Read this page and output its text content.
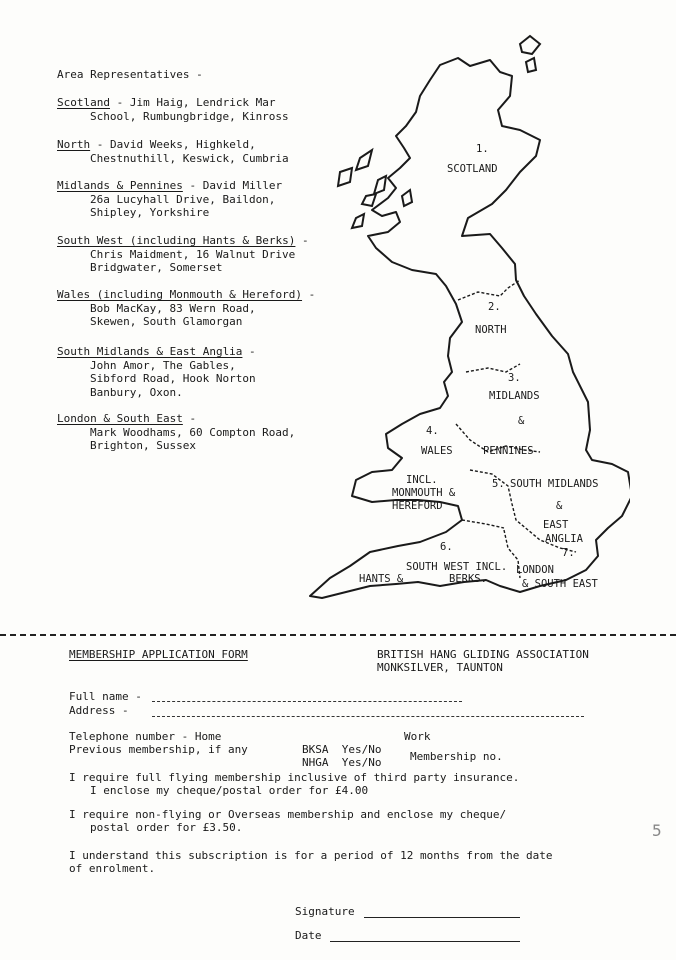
Area Representatives -
Scotland - Jim Haig, Lendrick Mar
School, Rumbungbridge, Kinross
North - David Weeks, Highkeld,
Chestnuthill, Keswick, Cumbria
Midlands & Pennines - David Miller
26a Lucyhall Drive, Baildon,
Shipley, Yorkshire
South West (including Hants & Berks) -
Chris Maidment, 16 Walnut Drive
Bridgwater, Somerset
Wales (including Monmouth & Hereford) -
Bob MacKay, 83 Wern Road,
Skewen, South Glamorgan
South Midlands & East Anglia -
John Amor, The Gables,
Sibford Road, Hook Norton
Banbury, Oxon.
London & South East -
Mark Woodhams, 60 Compton Road,
Brighton, Sussex
1.
SCOTLAND
2.
NORTH
3.
MIDLANDS
&
PENNINES
4.
WALES
INCL.
MONMOUTH &
HEREFORD
5. SOUTH MIDLANDS
&
EAST
ANGLIA
6.
SOUTH WEST INCL.
HANTS &	BERKS.
7.
LONDON
& SOUTH EAST
MEMBERSHIP APPLICATION FORM	BRITISH HANG GLIDING ASSOCIATION
MONKSILVER, TAUNTON
Full name -
Address -
Telephone number - Home	Work
Previous membership, if any	BKSA  Yes/No
NHGA  Yes/No	Membership no.
I require full flying membership inclusive of third party insurance.
I enclose my cheque/postal order for £4.00
I require non-flying or Overseas membership and enclose my cheque/
postal order for £3.50.
I understand this subscription is for a period of 12 months from the date
of enrolment.
Signature
Date
5
